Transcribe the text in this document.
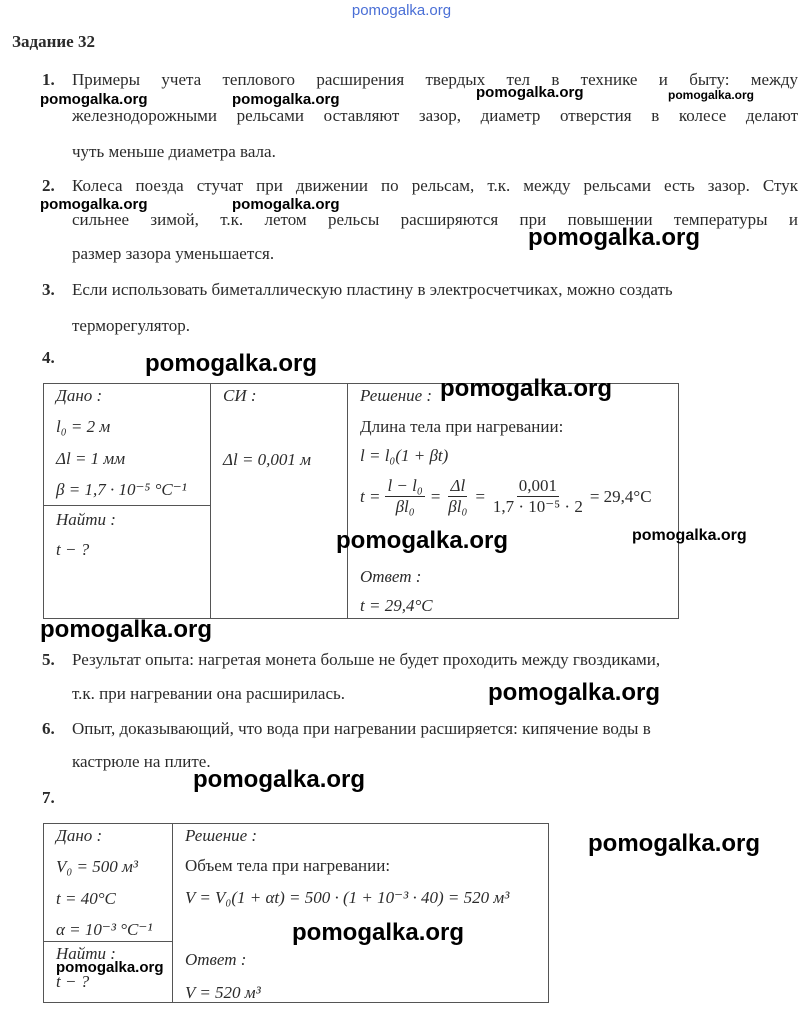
pomogalka.org
Задание 32
1. Примеры учета теплового расширения твердых тел в технике и быту: между
железнодорожными рельсами оставляют зазор, диаметр отверстия в колесе делают
чуть меньше диаметра вала.
2. Колеса поезда стучат при движении по рельсам, т.к. между рельсами есть зазор. Стук
сильнее зимой, т.к. летом рельсы расширяются при повышении температуры и
размер зазора уменьшается.
3. Если использовать биметаллическую пластину в электросчетчиках, можно создать
терморегулятор.
4.
Дано :
l₀ = 2 м
Δl = 1 мм
β = 1,7 · 10⁻⁵ °C⁻¹

СИ :
Δl = 0,001 м

Решение :
Длина тела при нагревании:
l = l₀(1 + βt)
$t = \frac{\text{l − l₀}}{\text{βl₀}} = \frac{\Delta l}{\text{βl₀}} = \frac{0,001}{\text{1,7 · 10⁻⁵ · 2}} = 29,4^\circ C$
Ответ :
t = 29,4°C

Найти :
t − ?
5. Результат опыта: нагретая монета больше не будет проходить между гвоздиками,
т.к. при нагревании она расширилась.
6. Опыт, доказывающий, что вода при нагревании расширяется: кипячение воды в
кастрюле на плите.
7.
Дано :
V₀ = 500 м³
t = 40°C
α = 10⁻³ °C⁻¹

Решение :
Объем тела при нагревании:
V = V₀(1 + αt) = 500 · (1 + 10⁻³ · 40) = 520 м³
Ответ :
V = 520 м³

Найти :
t − ?
pomogalka.org	pomogalka.org	pomogalka.org	pomogalka.org
pomogalka.org	pomogalka.org
pomogalka.org
pomogalka.org
pomogalka.org
pomogalka.org	pomogalka.org
pomogalka.org
pomogalka.org
pomogalka.org
pomogalka.org
pomogalka.org
pomogalka.org
